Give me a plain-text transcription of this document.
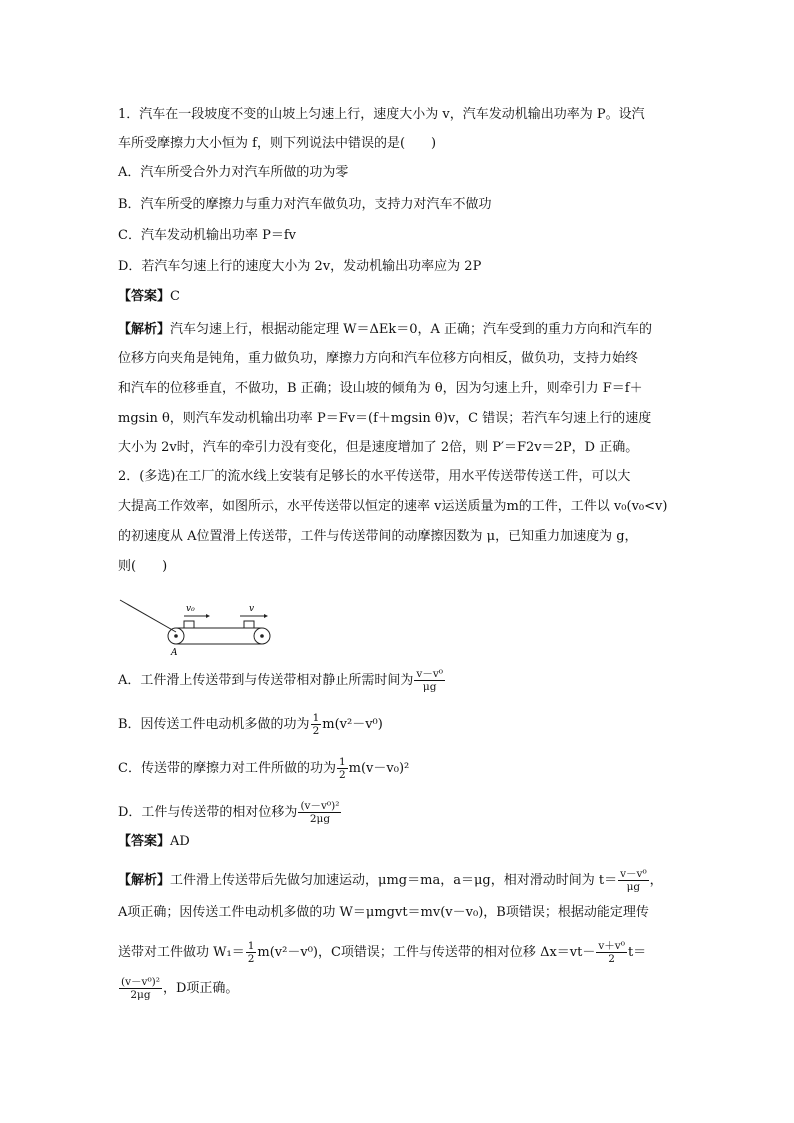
1．汽车在一段坡度不变的山坡上匀速上行，速度大小为 v，汽车发动机输出功率为 P。设汽
车所受摩擦力大小恒为 f，则下列说法中错误的是(　　)
A．汽车所受合外力对汽车所做的功为零
B．汽车所受的摩擦力与重力对汽车做负功，支持力对汽车不做功
C．汽车发动机输出功率 P＝fv
D．若汽车匀速上行的速度大小为 2v，发动机输出功率应为 2P
【答案】C
【解析】汽车匀速上行，根据动能定理 W＝ΔEk＝0，A 正确；汽车受到的重力方向和汽车的
位移方向夹角是钝角，重力做负功，摩擦力方向和汽车位移方向相反，做负功，支持力始终
和汽车的位移垂直，不做功，B 正确；设山坡的倾角为 θ，因为匀速上升，则牵引力 F＝f＋
mgsin θ，则汽车发动机输出功率 P＝Fv＝(f＋mgsin θ)v，C 错误；若汽车匀速上行的速度
大小为 2v时，汽车的牵引力没有变化，但是速度增加了 2倍，则 P′＝F2v＝2P，D 正确。
2．(多选)在工厂的流水线上安装有足够长的水平传送带，用水平传送带传送工件，可以大
大提高工作效率，如图所示，水平传送带以恒定的速率 v运送质量为m的工件，工件以 v₀(v₀<v)
的初速度从 A位置滑上传送带，工件与传送带间的动摩擦因数为 μ，已知重力加速度为 g，
则(　　)
v₀	v
A
A．工件滑上传送带到与传送带相对静止所需时间为 $\frac{\text{v－v⁰}}{\mu g}$
B．因传送工件电动机多做的功为 $\frac{1}{2} m(v^2-v^0)$
C．传送带的摩擦力对工件所做的功为 $\frac{1}{2} m(v-v_0)^2$
D．工件与传送带的相对位移为 $\frac{\text{(v－v⁰)²}}{2\mu g}$
【答案】AD
【解析】工件滑上传送带后先做匀加速运动，μmg＝ma，a＝μg，相对滑动时间为 $t= \frac{\text{v－v⁰}}{\mu g}$ ，
A项正确；因传送工件电动机多做的功 W＝μmgvt＝mv(v－v₀)，B项错误；根据动能定理传
送带对工件做功 $W_1= \frac{1}{2} m(v^2-v^0)$，C项错误；工件与传送带的相对位移 $\Delta x=vt- \frac{\text{v＋v⁰}}{2} t=$
$\frac{\text{(v－v⁰)²}}{2\mu g}$ ，D项正确。
